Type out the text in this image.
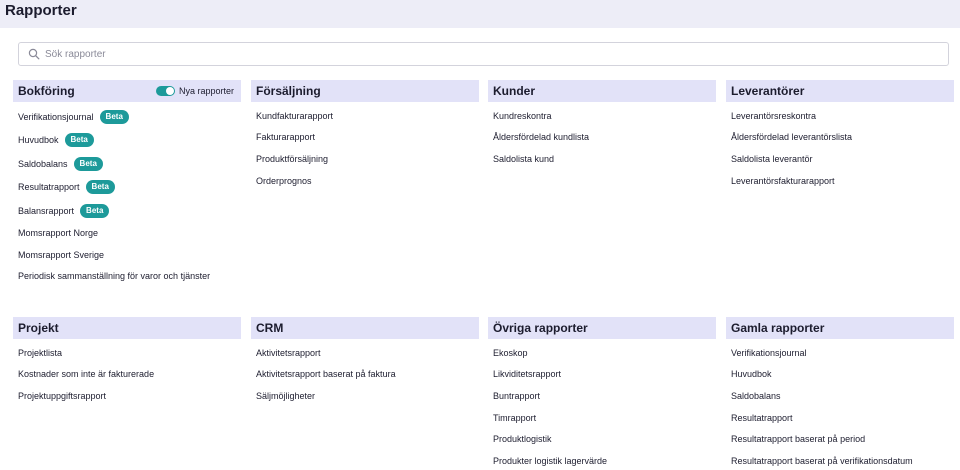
Rapporter
Sök rapporter
Bokföring	Nya rapporter
Verifikationsjournal	Beta
Huvudbok	Beta
Saldobalans	Beta
Resultatrapport	Beta
Balansrapport	Beta
Momsrapport Norge
Momsrapport Sverige
Periodisk sammanställning för varor och tjänster
Försäljning
Kundfakturarapport
Fakturarapport
Produktförsäljning
Orderprognos
Kunder
Kundreskontra
Åldersfördelad kundlista
Saldolista kund
Leverantörer
Leverantörsreskontra
Åldersfördelad leverantörslista
Saldolista leverantör
Leverantörsfakturarapport
Projekt
Projektlista
Kostnader som inte är fakturerade
Projektuppgiftsrapport
CRM
Aktivitetsrapport
Aktivitetsrapport baserat på faktura
Säljmöjligheter
Övriga rapporter
Ekoskop
Likviditetsrapport
Buntrapport
Timrapport
Produktlogistik
Produkter logistik lagervärde
Gamla rapporter
Verifikationsjournal
Huvudbok
Saldobalans
Resultatrapport
Resultatrapport baserat på period
Resultatrapport baserat på verifikationsdatum
